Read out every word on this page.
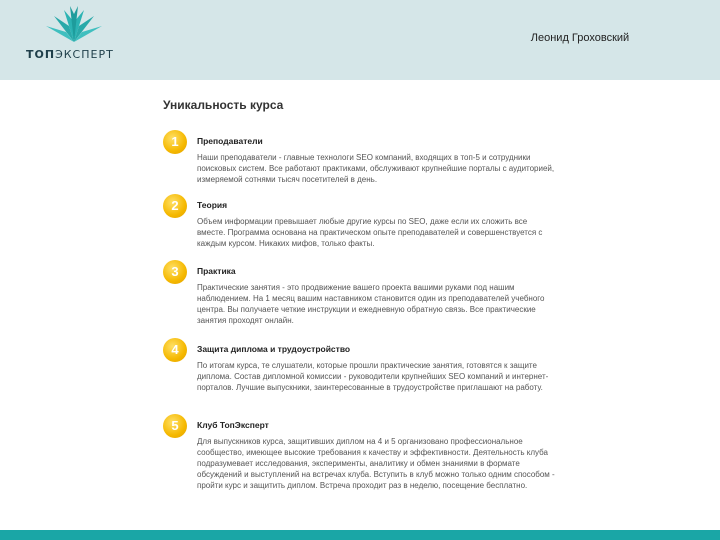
ТОПЭКСПЕРТ
Леонид Гроховский
Уникальность курса
1	Преподаватели
Наши преподаватели - главные технологи SEO компаний, входящих в топ-5 и сотрудники поисковых систем. Все работают практиками, обслуживают крупнейшие порталы с аудиторией, измеряемой сотнями тысяч посетителей в день.
2	Теория
Объем информации превышает любые другие курсы по SEO, даже если их сложить все вместе. Программа основана на практическом опыте преподавателей и совершенствуется с каждым курсом. Никаких мифов, только факты.
3	Практика
Практические занятия - это продвижение вашего проекта вашими руками под нашим наблюдением. На 1 месяц вашим наставником становится один из преподавателей учебного центра. Вы получаете четкие инструкции и ежедневную обратную связь. Все практические занятия проходят онлайн.
4	Защита диплома и трудоустройство
По итогам курса, те слушатели, которые прошли практические занятия, готовятся к защите диплома. Состав дипломной комиссии - руководители крупнейших SEO компаний и интернет-порталов. Лучшие выпускники, заинтересованные в трудоустройстве приглашают на работу.
5	Клуб ТопЭксперт
Для выпускников курса, защитивших диплом на 4 и 5 организовано профессиональное сообщество, имеющее высокие требования к качеству и эффективности. Деятельность клуба подразумевает исследования, эксперименты, аналитику и обмен знаниями в формате обсуждений и выступлений на встречах клуба. Вступить в клуб можно только одним способом - пройти курс и защитить диплом. Встреча проходит раз в неделю, посещение бесплатно.
